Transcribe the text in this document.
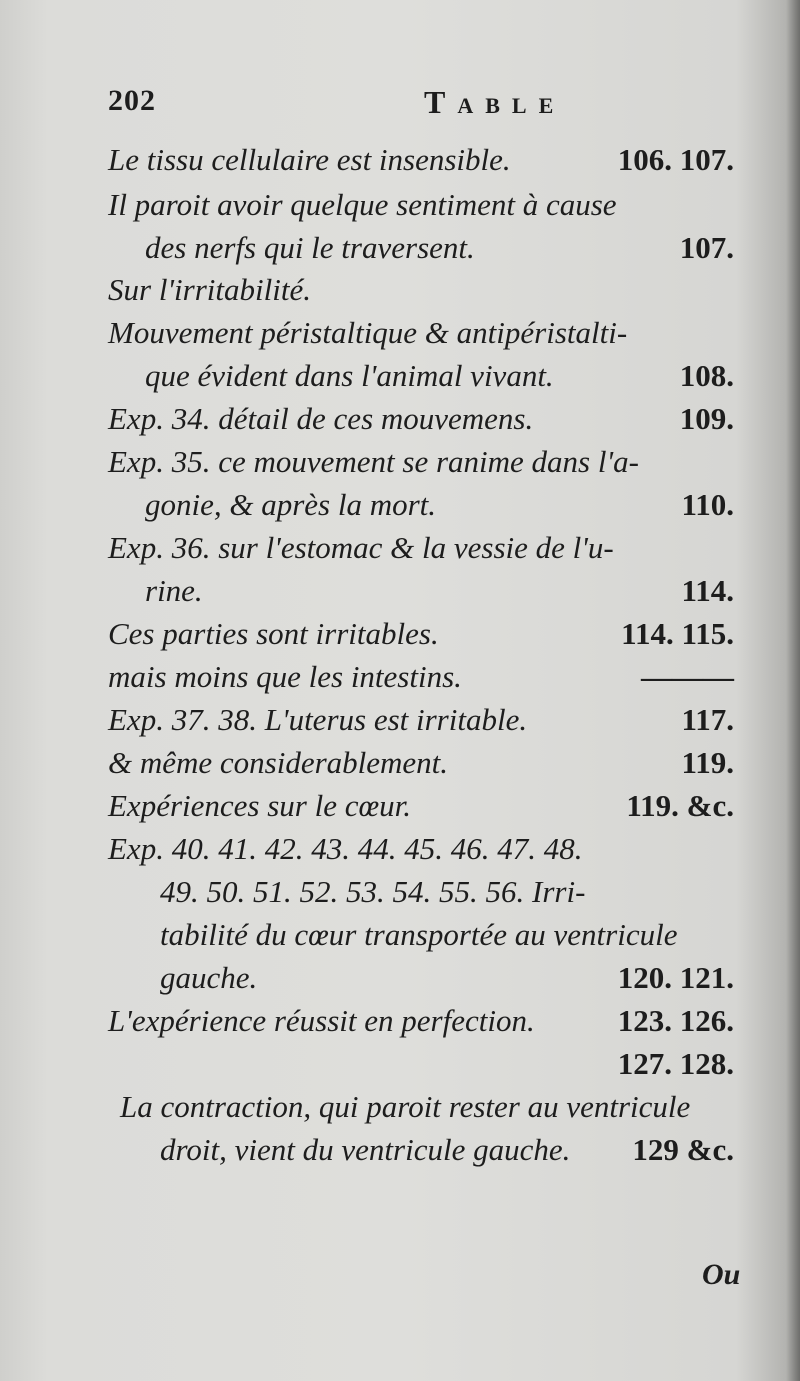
202	Table
Le tissu cellulaire est insensible.	106. 107.
Il paroit avoir quelque sentiment à cause
des nerfs qui le traversent.	107.
Sur l'irritabilité.
Mouvement péristaltique & antipéristalti-
que évident dans l'animal vivant.	108.
Exp. 34. détail de ces mouvemens.	109.
Exp. 35. ce mouvement se ranime dans l'a-
gonie, & après la mort.	110.
Exp. 36. sur l'estomac & la vessie de l'u-
rine.	114.
Ces parties sont irritables.	114. 115.
mais moins que les intestins.	———
Exp. 37. 38. L'uterus est irritable.	117.
& même considerablement.	119.
Expériences sur le cœur.	119. &c.
Exp. 40. 41. 42. 43. 44. 45. 46. 47. 48.
49. 50. 51. 52. 53. 54. 55. 56. Irri-
tabilité du cœur transportée au ventricule
gauche.	120. 121.
L'expérience réussit en perfection.	123. 126.
127. 128.
La contraction, qui paroit rester au ventricule
droit, vient du ventricule gauche. 129 &c.
Ou
